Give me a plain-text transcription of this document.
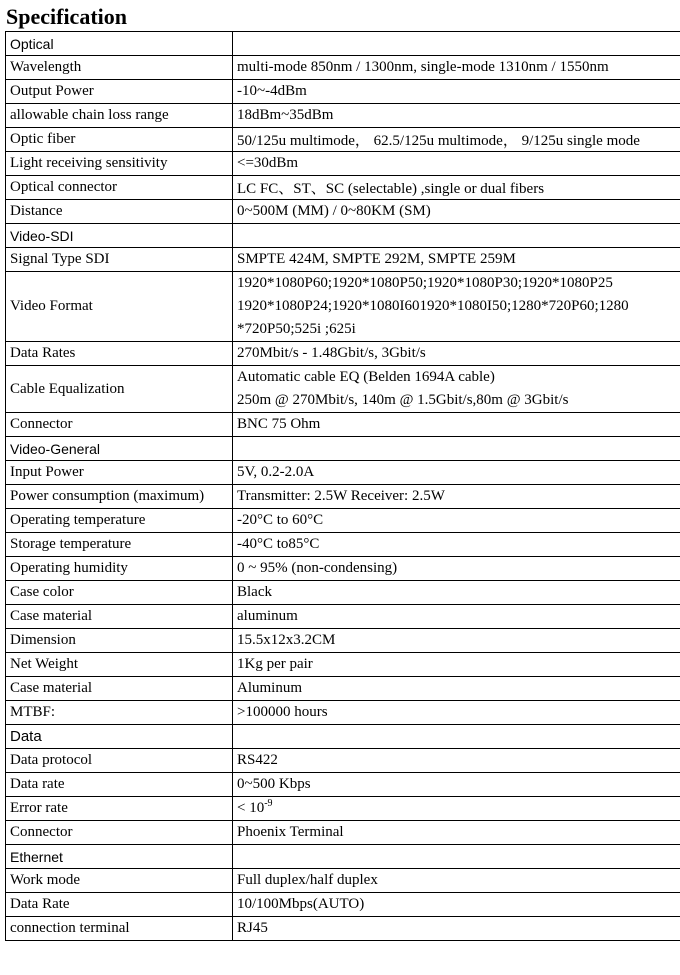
Specification
Optical	
Wavelength	multi-mode 850nm / 1300nm, single-mode 1310nm / 1550nm
Output Power	-10~-4dBm
allowable chain loss range	18dBm~35dBm
Optic fiber	50/125u multimode， 62.5/125u multimode， 9/125u single mode
Light receiving sensitivity	<=30dBm
Optical connector	LC FC、ST、SC (selectable) ,single or dual fibers
Distance	0~500M (MM) / 0~80KM (SM)
Video-SDI	
Signal Type SDI	SMPTE 424M, SMPTE 292M, SMPTE 259M
Video Format	1920*1080P60;1920*1080P50;1920*1080P30;1920*1080P25
1920*1080P24;1920*1080I601920*1080I50;1280*720P60;1280
*720P50;525i ;625i

Data Rates	270Mbit/s - 1.48Gbit/s, 3Gbit/s
Cable Equalization	Automatic cable EQ (Belden 1694A cable)
250m @ 270Mbit/s, 140m @ 1.5Gbit/s,80m @ 3Gbit/s

Connector	BNC 75 Ohm
Video-General	
Input Power	5V, 0.2-2.0A
Power consumption (maximum)	Transmitter: 2.5W Receiver: 2.5W
Operating temperature	-20°C to 60°C
Storage temperature	-40°C to85°C
Operating humidity	0 ~ 95% (non-condensing)
Case color	Black
Case material	aluminum
Dimension	15.5x12x3.2CM
Net Weight	1Kg per pair
Case material	Aluminum
MTBF:	>100000 hours
Data	
Data protocol	RS422
Data rate	0~500 Kbps
Error rate	< $10^{-9}$
Connector	Phoenix Terminal
Ethernet	
Work mode	Full duplex/half duplex
Data Rate	10/100Mbps(AUTO)
connection terminal	RJ45
